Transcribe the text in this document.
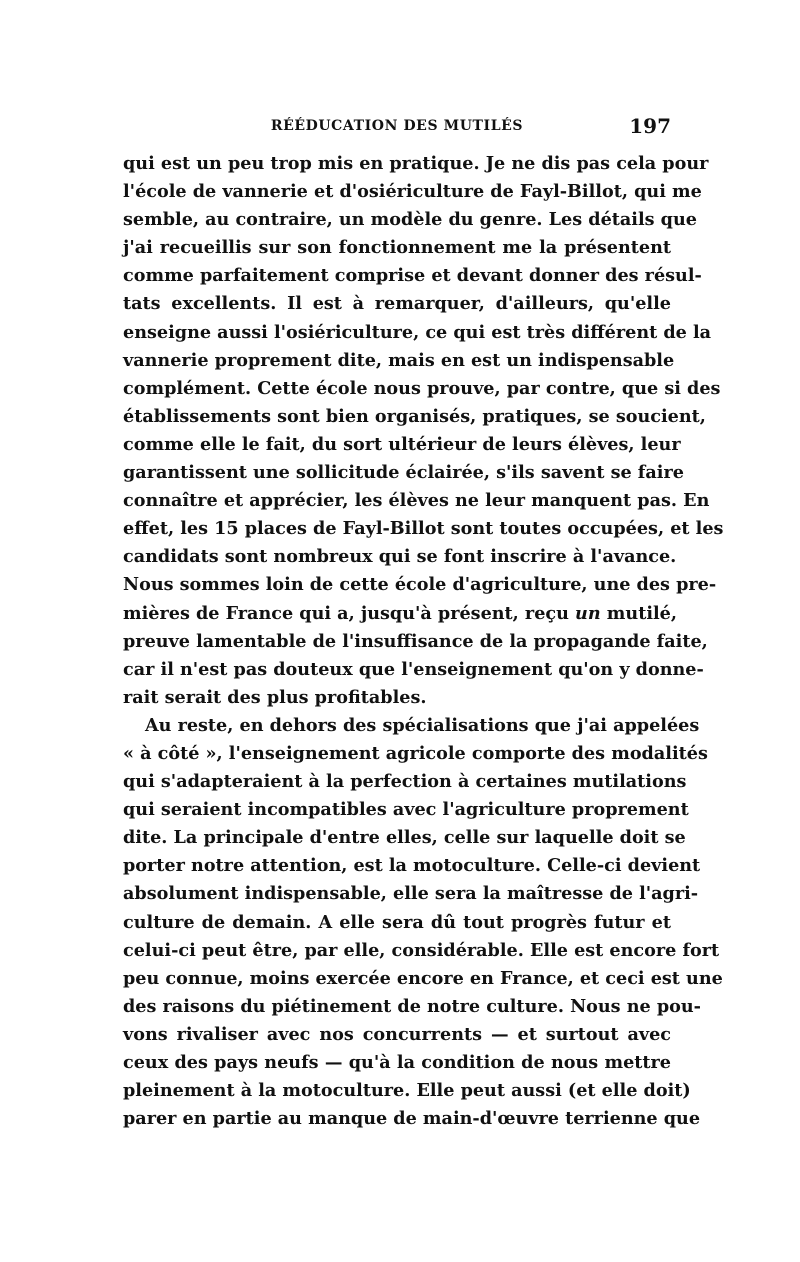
RÉÉDUCATION DES MUTILÉS	197
qui est un peu trop mis en pratique. Je ne dis pas cela pour
l'école de vannerie et d'osiériculture de Fayl-Billot, qui me
semble, au contraire, un modèle du genre. Les détails que
j'ai recueillis sur son fonctionnement me la présentent
comme parfaitement comprise et devant donner des résul-
tats excellents. Il est à remarquer, d'ailleurs, qu'elle
enseigne aussi l'osiériculture, ce qui est très différent de la
vannerie proprement dite, mais en est un indispensable
complément. Cette école nous prouve, par contre, que si des
établissements sont bien organisés, pratiques, se soucient,
comme elle le fait, du sort ultérieur de leurs élèves, leur
garantissent une sollicitude éclairée, s'ils savent se faire
connaître et apprécier, les élèves ne leur manquent pas. En
effet, les 15 places de Fayl-Billot sont toutes occupées, et les
candidats sont nombreux qui se font inscrire à l'avance.
Nous sommes loin de cette école d'agriculture, une des pre-
mières de France qui a, jusqu'à présent, reçu un mutilé,
preuve lamentable de l'insuffisance de la propagande faite,
car il n'est pas douteux que l'enseignement qu'on y donne-
rait serait des plus profitables.
Au reste, en dehors des spécialisations que j'ai appelées
« à côté », l'enseignement agricole comporte des modalités
qui s'adapteraient à la perfection à certaines mutilations
qui seraient incompatibles avec l'agriculture proprement
dite. La principale d'entre elles, celle sur laquelle doit se
porter notre attention, est la motoculture. Celle-ci devient
absolument indispensable, elle sera la maîtresse de l'agri-
culture de demain. A elle sera dû tout progrès futur et
celui-ci peut être, par elle, considérable. Elle est encore fort
peu connue, moins exercée encore en France, et ceci est une
des raisons du piétinement de notre culture. Nous ne pou-
vons rivaliser avec nos concurrents — et surtout avec
ceux des pays neufs — qu'à la condition de nous mettre
pleinement à la motoculture. Elle peut aussi (et elle doit)
parer en partie au manque de main-d'œuvre terrienne que
